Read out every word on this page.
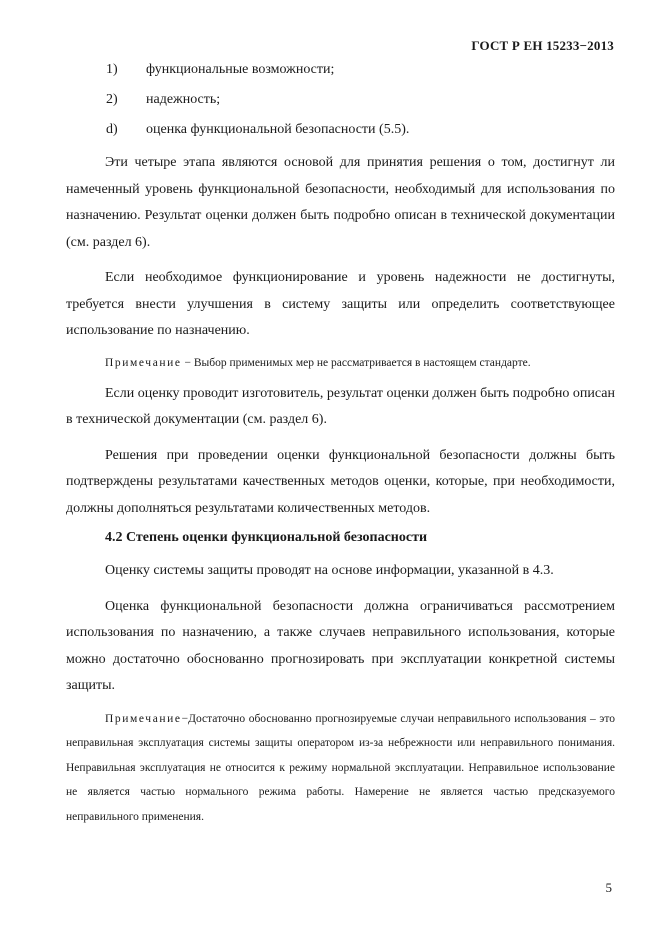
ГОСТ Р ЕН 15233−2013
1)	функциональные возможности;
2)	надежность;
d)	оценка функциональной безопасности (5.5).

Эти четыре этапа являются основой для принятия решения о том, достигнут ли намеченный уровень функциональной безопасности, необходимый для использования по назначению. Результат оценки должен быть подробно описан в технической документации (см. раздел 6).

Если необходимое функционирование и уровень надежности не достигнуты, требуется внести улучшения в систему защиты или определить соответствующее использование по назначению.

Примечание − Выбор применимых мер не рассматривается в настоящем стандарте.

Если оценку проводит изготовитель, результат оценки должен быть подробно описан в технической документации (см. раздел 6).

Решения при проведении оценки функциональной безопасности должны быть подтверждены результатами качественных методов оценки, которые, при необходимости, должны дополняться результатами количественных методов.

4.2 Степень оценки функциональной безопасности

Оценку системы защиты проводят на основе информации, указанной в 4.3.

Оценка функциональной безопасности должна ограничиваться рассмотрением использования по назначению, а также случаев неправильного использования, которые можно достаточно обоснованно прогнозировать при эксплуатации конкретной системы защиты.

Примечание−Достаточно обоснованно прогнозируемые случаи неправильного использования – это неправильная эксплуатация системы защиты оператором из-за небрежности или неправильного понимания. Неправильная эксплуатация не относится к режиму нормальной эксплуатации. Неправильное использование не является частью нормального режима работы. Намерение не является частью предсказуемого неправильного применения.

5
